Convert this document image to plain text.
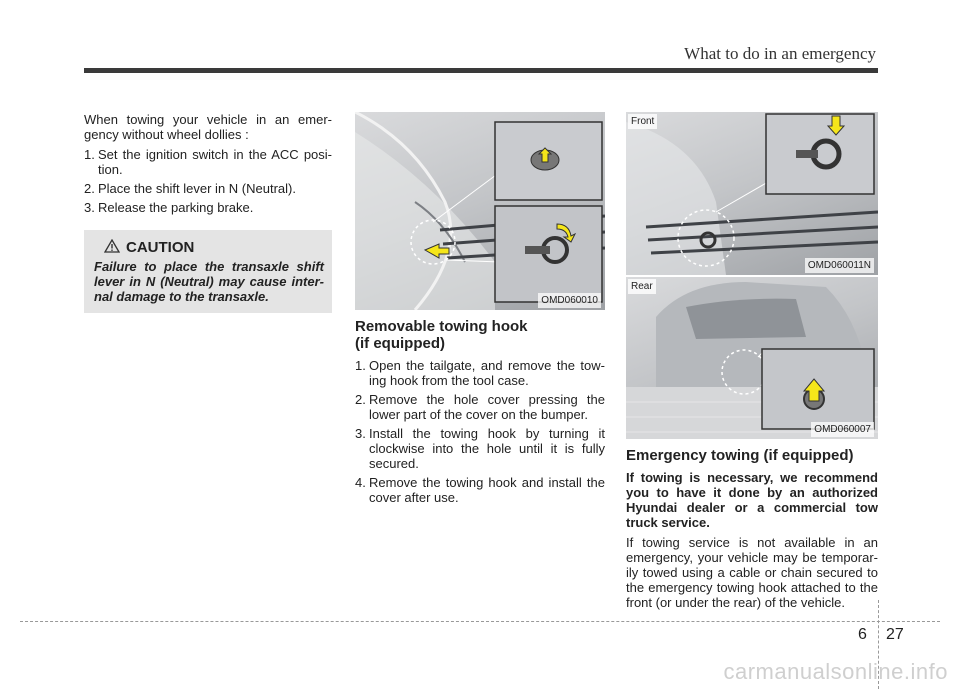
What to do in an emergency

When towing your vehicle in an emer-gency without wheel dollies :

1. Set the ignition switch in the ACC posi-tion.
2. Place the shift lever in N (Neutral).
3. Release the parking brake.
CAUTION
Failure to place the transaxle shift lever in N (Neutral) may cause inter-nal damage to the transaxle.	OMD060010
Removable towing hook
(if equipped)
1. Open the tailgate, and remove the tow-ing hook from the tool case.
2. Remove the hole cover pressing the lower part of the cover on the bumper.
3. Install the towing hook by turning it clockwise into the hole until it is fully secured.
4. Remove the towing hook and install the cover after use.
Front
OMD060011N
Rear
OMD060007
Emergency towing (if equipped)

If towing is necessary, we recommend you to have it done by an authorized Hyundai dealer or a commercial tow truck service.

If towing service is not available in an emergency, your vehicle may be temporar-ily towed using a cable or chain secured to the emergency towing hook attached to the front (or under the rear) of the vehicle.

6 27
carmanualsonline.info
